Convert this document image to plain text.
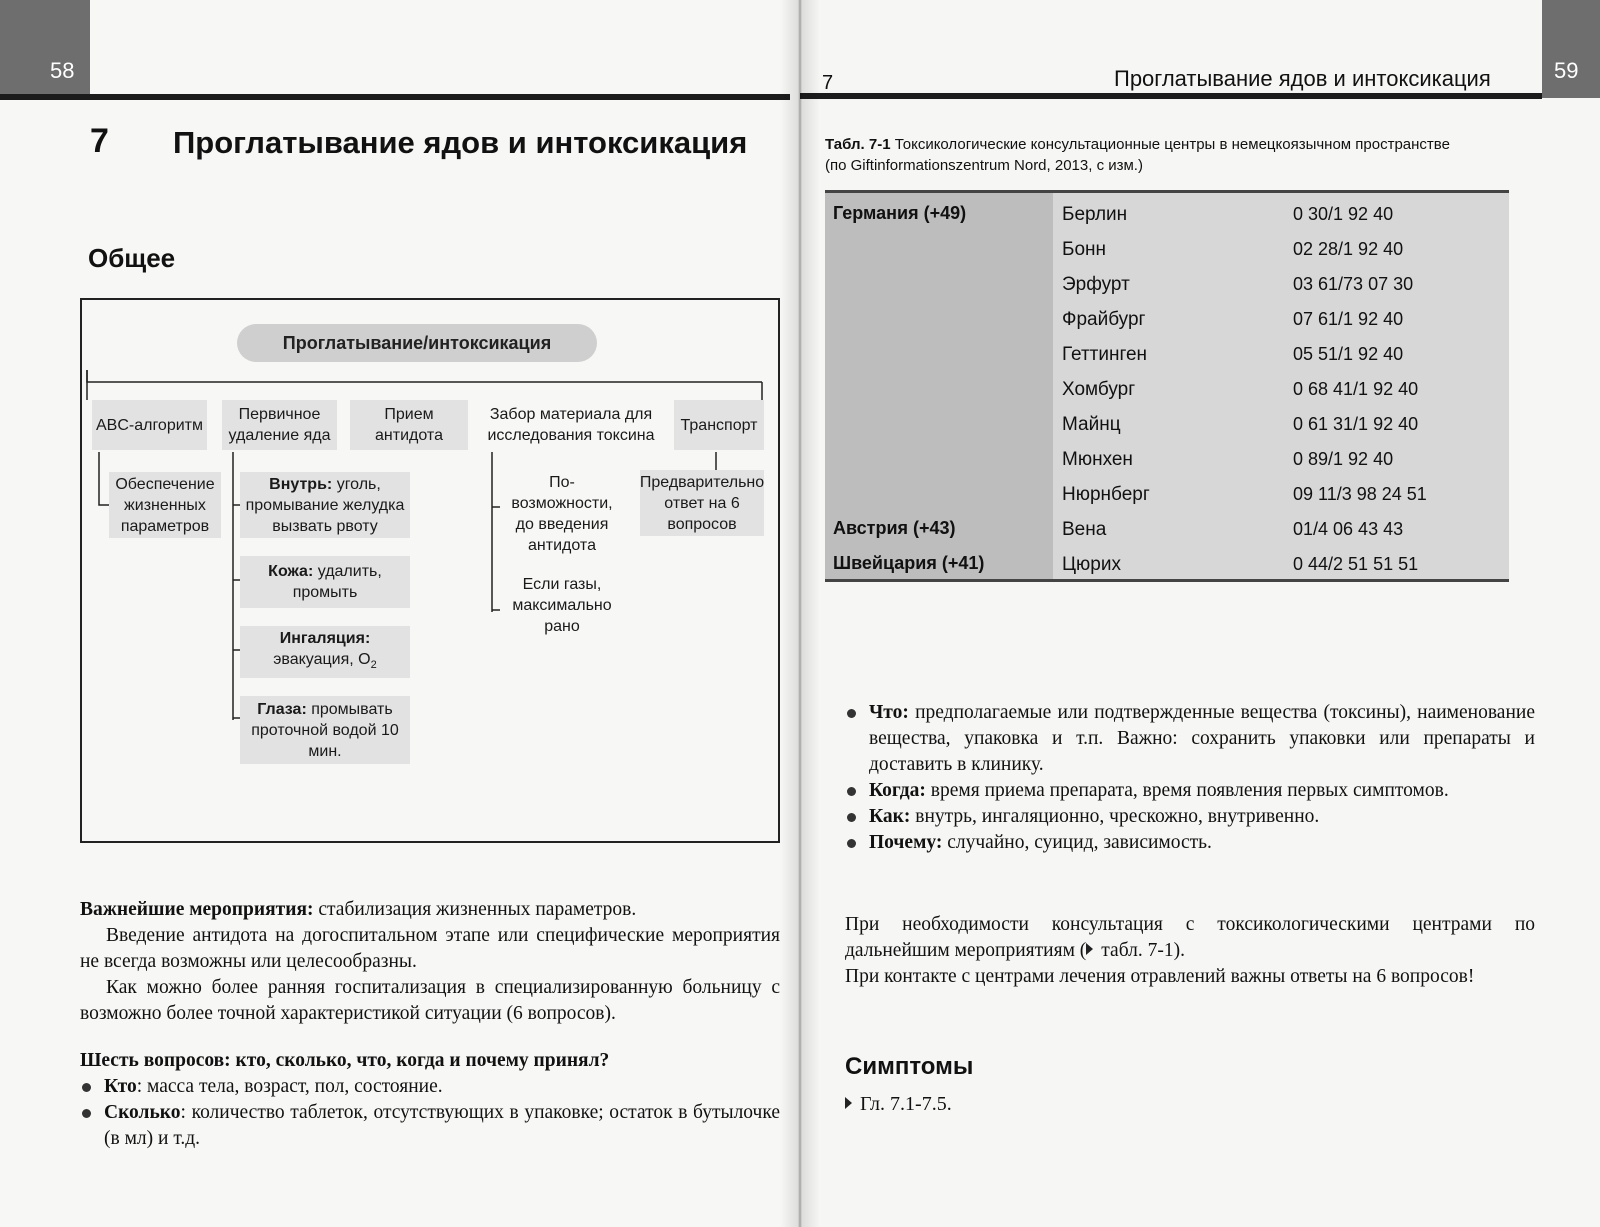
58
7 Проглатывание ядов и интоксикация
Общее
Проглатывание/интоксикация
ABC-алгоритм
Первичное удаление яда
Прием антидота
Забор материала для исследования токсина
Транспорт
Обеспечение жизненных параметров
Внутрь: уголь, промывание желудка вызвать рвоту
Кожа: удалить, промыть
Ингаляция:
эвакуация, $O_2$
Глаза: промывать проточной водой 10 мин.
По-возможности, до введения антидота
Если газы, максимально рано
Предварительно ответ на 6 вопросов

Важнейшие мероприятия: стабилизация жизненных параметров.

Введение антидота на догоспитальном этапе или специфические мероприятия не всегда возможны или целесообразны.

Как можно более ранняя госпитализация в специализированную больницу с возможно более точной характеристикой ситуации (6 вопросов).

Шесть вопросов: кто, сколько, что, когда и почему принял?

Кто: масса тела, возраст, пол, состояние.

Сколько: количество таблеток, отсутствующих в упаковке; остаток в бутылочке (в мл) и т.д.

59
7	Проглатывание ядов и интоксикация
Табл. 7-1 Токсикологические консультационные центры в немецкоязычном пространстве (по Giftinformationszentrum Nord, 2013, с изм.)
Германия (+49)	Берлин	0 30/1 92 40
Бонн	02 28/1 92 40
Эрфурт	03 61/73 07 30
Фрайбург	07 61/1 92 40
Геттинген	05 51/1 92 40
Хомбург	0 68 41/1 92 40
Майнц	0 61 31/1 92 40
Мюнхен	0 89/1 92 40
Нюрнберг	09 11/3 98 24 51
Австрия (+43)	Вена	01/4 06 43 43
Швейцария (+41)	Цюрих	0 44/2 51 51 51

Что: предполагаемые или подтвержденные вещества (токсины), наименование вещества, упаковка и т.п. Важно: сохранить упаковки или препараты и доставить в клинику.

Когда: время приема препарата, время появления первых симптомов.

Как: внутрь, ингаляционно, чрескожно, внутривенно.

Почему: случайно, суицид, зависимость.

При необходимости консультация с токсикологическими центрами по дальнейшим мероприятиям ( табл. 7-1).

При контакте с центрами лечения отравлений важны ответы на 6 вопросов!

Симптомы
Гл. 7.1-7.5.
